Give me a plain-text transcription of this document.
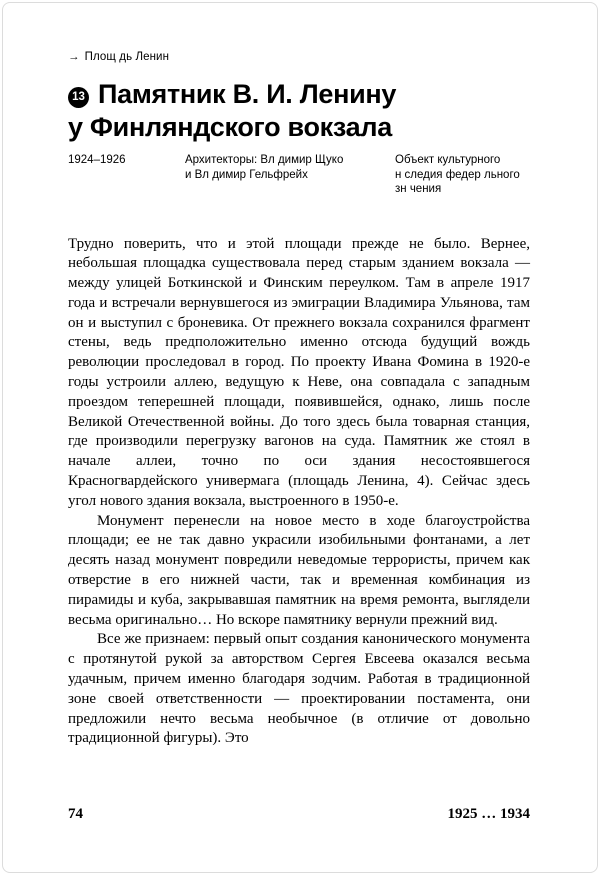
→ Площ дь Ленин
13 Памятник В. И. Ленину
у Финляндского вокзала
1924–1926	Архитекторы: Вл димир Щуко
и Вл димир Гельфрейх
Объект культурного
н следия федер льного
зн чения

Трудно поверить, что и этой площади прежде не было. Вернее, небольшая площадка существовала перед старым зданием вокзала — между улицей Боткинской и Финским переулком. Там в апреле 1917 года и встречали вернувшегося из эмиграции Владимира Ульянова, там он и выступил с броневика. От прежнего вокзала сохранился фрагмент стены, ведь предположительно именно отсюда будущий вождь революции проследовал в город. По проекту Ивана Фомина в 1920-е годы устроили аллею, ведущую к Неве, она совпадала с западным проездом теперешней площади, появившейся, однако, лишь после Великой Отечественной войны. До того здесь была товарная станция, где производили перегрузку вагонов на суда. Памятник же стоял в начале аллеи, точно по оси здания несостоявшегося Красногвардейского универмага (площадь Ленина, 4). Сейчас здесь угол нового здания вокзала, выстроенного в 1950-е.

Монумент перенесли на новое место в ходе благоустройства площади; ее не так давно украсили изобильными фонтанами, а лет десять назад монумент повредили неведомые террористы, причем как отверстие в его нижней части, так и временная комбинация из пирамиды и куба, закрывавшая памятник на время ремонта, выглядели весьма оригинально… Но вскоре памятнику вернули прежний вид.

Все же признаем: первый опыт создания канонического монумента с протянутой рукой за авторством Сергея Евсеева оказался весьма удачным, причем именно благодаря зодчим. Работая в традиционной зоне своей ответственности — проектировании постамента, они предложили нечто весьма необычное (в отличие от довольно традиционной фигуры). Это

74	1925 … 1934
